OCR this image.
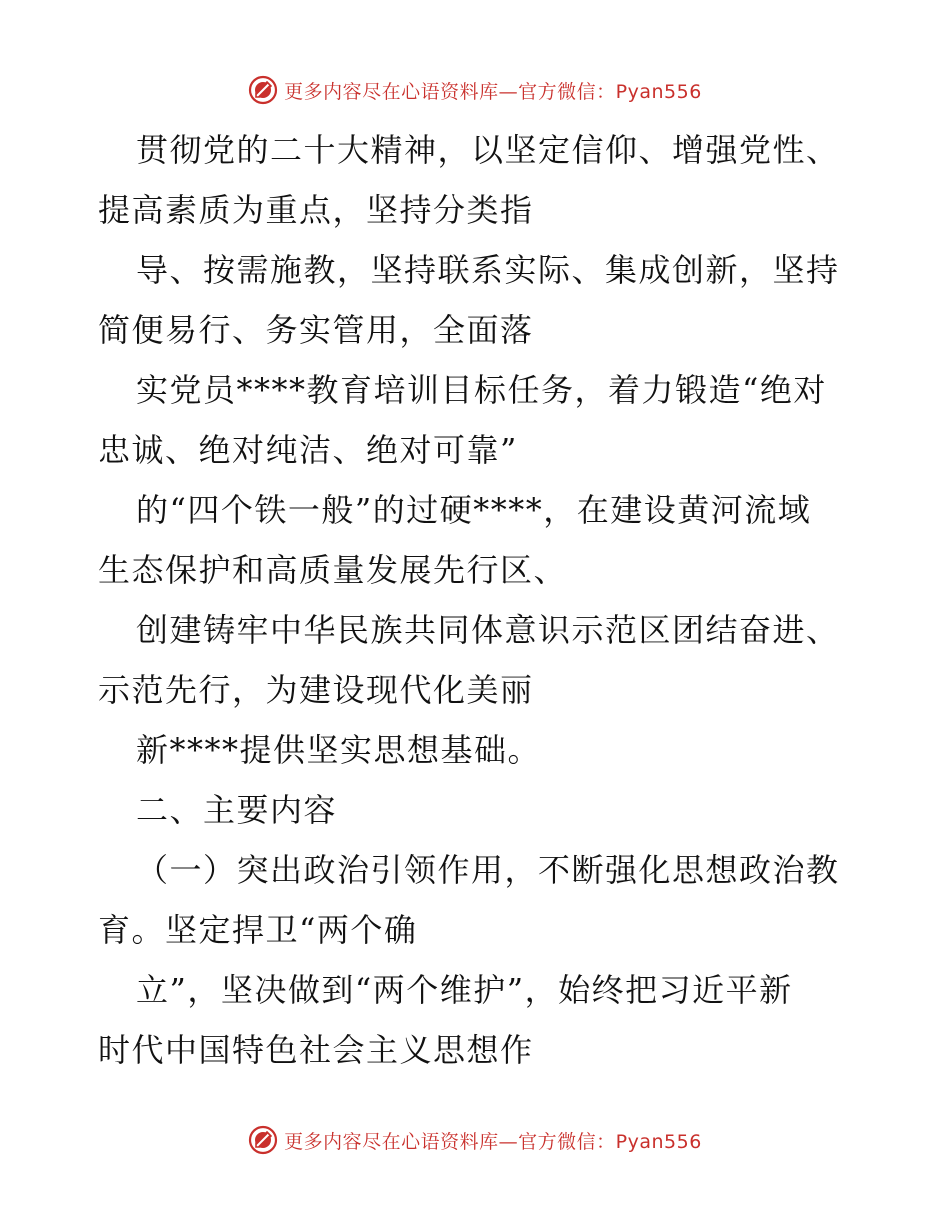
更多内容尽在心语资料库—官方微信：Pyan556
贯彻党的二十大精神，以坚定信仰、增强党性、
提高素质为重点，坚持分类指
导、按需施教，坚持联系实际、集成创新，坚持
简便易行、务实管用，全面落
实党员****教育培训目标任务，着力锻造“绝对
忠诚、绝对纯洁、绝对可靠”
的“四个铁一般”的过硬****，在建设黄河流域
生态保护和高质量发展先行区、
创建铸牢中华民族共同体意识示范区团结奋进、
示范先行，为建设现代化美丽
新****提供坚实思想基础。
二、主要内容
（一）突出政治引领作用，不断强化思想政治教
育。坚定捍卫“两个确
立”，坚决做到“两个维护”，始终把习近平新
时代中国特色社会主义思想作
更多内容尽在心语资料库—官方微信：Pyan556
